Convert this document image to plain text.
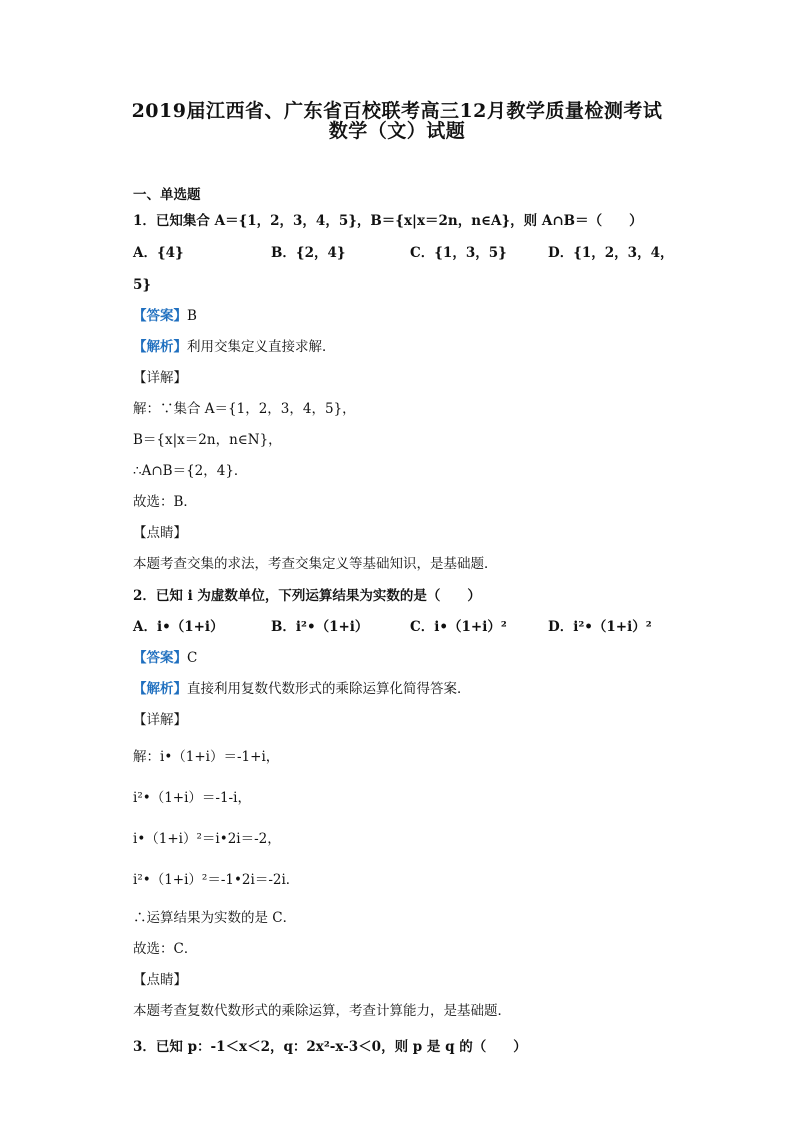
2019届江西省、广东省百校联考高三12月教学质量检测考试
数学（文）试题
一、单选题
1．已知集合 A＝{1，2，3，4，5}，B＝{x|x＝2n，n∈A}，则 A∩B＝（　　）
A．{4}	B．{2，4}	C．{1，3，5}	D．{1，2，3，4，
5}
【答案】B
【解析】利用交集定义直接求解．
【详解】
解：∵集合 A＝{1，2，3，4，5}，
B＝{x|x＝2n，n∈N}，
∴A∩B＝{2，4}．
故选：B．
【点睛】
本题考查交集的求法，考查交集定义等基础知识，是基础题．
2．已知 i 为虚数单位，下列运算结果为实数的是（　　）
A．i•（1+i）	B．i²•（1+i）	C．i•（1+i）²	D．i²•（1+i）²
【答案】C
【解析】直接利用复数代数形式的乘除运算化简得答案．
【详解】
解：i•（1+i）＝-1+i，
i²•（1+i）＝-1-i，
i•（1+i）²＝i•2i＝-2，
i²•（1+i）²＝-1•2i＝-2i．
∴运算结果为实数的是 C．
故选：C．
【点睛】
本题考查复数代数形式的乘除运算，考查计算能力，是基础题．
3．已知 p：-1＜x＜2，q：2x²-x-3＜0，则 p 是 q 的（　　）
